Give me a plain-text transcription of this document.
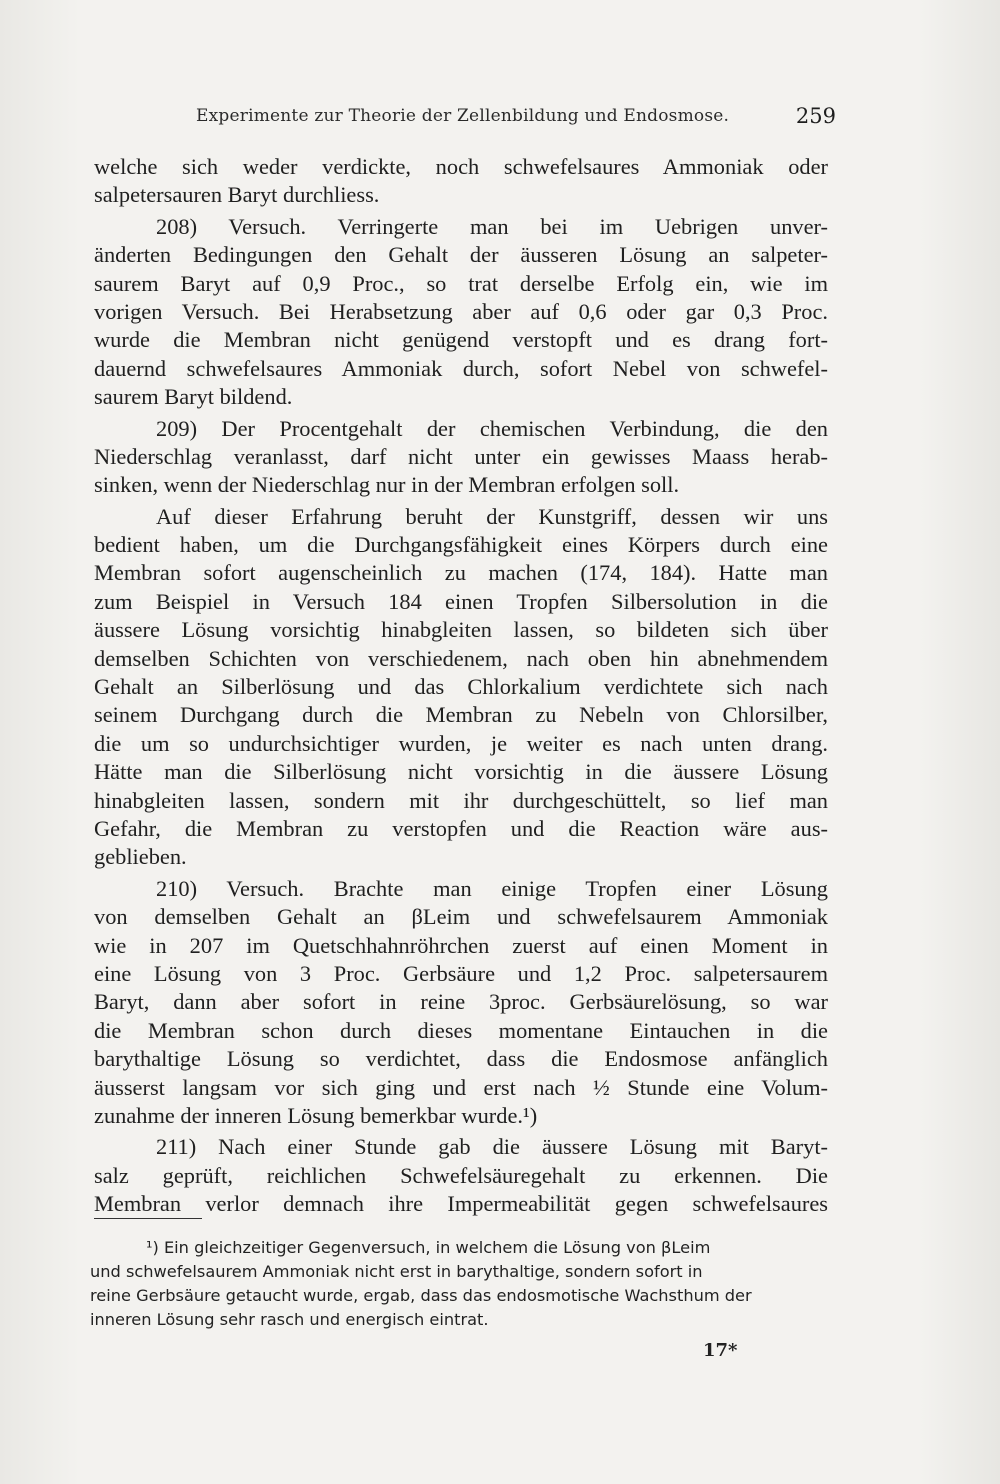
Experimente zur Theorie der Zellenbildung und Endosmose.	259
welche sich weder verdickte, noch schwefelsaures Ammoniak oder
salpetersauren Baryt durchliess.
208) Versuch. Verringerte man bei im Uebrigen unver-
änderten Bedingungen den Gehalt der äusseren Lösung an salpeter-
saurem Baryt auf 0,9 Proc., so trat derselbe Erfolg ein, wie im
vorigen Versuch. Bei Herabsetzung aber auf 0,6 oder gar 0,3 Proc.
wurde die Membran nicht genügend verstopft und es drang fort-
dauernd schwefelsaures Ammoniak durch, sofort Nebel von schwefel-
saurem Baryt bildend.
209) Der Procentgehalt der chemischen Verbindung, die den
Niederschlag veranlasst, darf nicht unter ein gewisses Maass herab-
sinken, wenn der Niederschlag nur in der Membran erfolgen soll.
Auf dieser Erfahrung beruht der Kunstgriff, dessen wir uns
bedient haben, um die Durchgangsfähigkeit eines Körpers durch eine
Membran sofort augenscheinlich zu machen (174, 184). Hatte man
zum Beispiel in Versuch 184 einen Tropfen Silbersolution in die
äussere Lösung vorsichtig hinabgleiten lassen, so bildeten sich über
demselben Schichten von verschiedenem, nach oben hin abnehmendem
Gehalt an Silberlösung und das Chlorkalium verdichtete sich nach
seinem Durchgang durch die Membran zu Nebeln von Chlorsilber,
die um so undurchsichtiger wurden, je weiter es nach unten drang.
Hätte man die Silberlösung nicht vorsichtig in die äussere Lösung
hinabgleiten lassen, sondern mit ihr durchgeschüttelt, so lief man
Gefahr, die Membran zu verstopfen und die Reaction wäre aus-
geblieben.
210) Versuch. Brachte man einige Tropfen einer Lösung
von demselben Gehalt an βLeim und schwefelsaurem Ammoniak
wie in 207 im Quetschhahnröhrchen zuerst auf einen Moment in
eine Lösung von 3 Proc. Gerbsäure und 1,2 Proc. salpetersaurem
Baryt, dann aber sofort in reine 3proc. Gerbsäurelösung, so war
die Membran schon durch dieses momentane Eintauchen in die
barythaltige Lösung so verdichtet, dass die Endosmose anfänglich
äusserst langsam vor sich ging und erst nach ½ Stunde eine Volum-
zunahme der inneren Lösung bemerkbar wurde.¹)
211) Nach einer Stunde gab die äussere Lösung mit Baryt-
salz geprüft, reichlichen Schwefelsäuregehalt zu erkennen. Die
Membran verlor demnach ihre Impermeabilität gegen schwefelsaures
¹) Ein gleichzeitiger Gegenversuch, in welchem die Lösung von βLeim
und schwefelsaurem Ammoniak nicht erst in barythaltige, sondern sofort in
reine Gerbsäure getaucht wurde, ergab, dass das endosmotische Wachsthum der
inneren Lösung sehr rasch und energisch eintrat.
17*
